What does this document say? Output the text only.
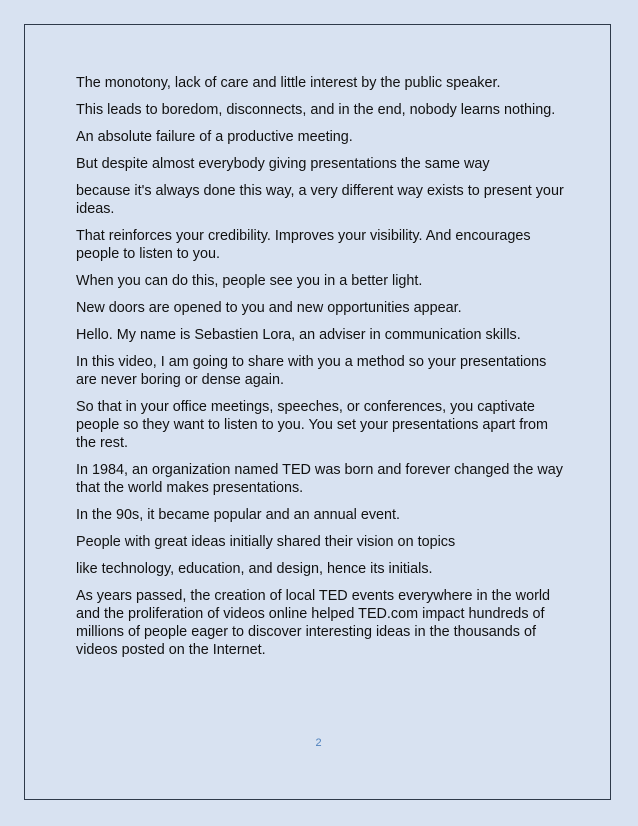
The monotony, lack of care and little interest by the public speaker.

This leads to boredom, disconnects, and in the end, nobody learns nothing.

An absolute failure of a productive meeting.

But despite almost everybody giving presentations the same way

because it's always done this way, a very different way exists to present your ideas.

That reinforces your credibility. Improves your visibility. And encourages people to listen to you.

When you can do this, people see you in a better light.

New doors are opened to you and new opportunities appear.

Hello. My name is Sebastien Lora, an adviser in communication skills.

In this video, I am going to share with you a method so your presentations are never boring or dense again.

So that in your office meetings, speeches, or conferences, you captivate people so they want to listen to you. You set your presentations apart from the rest.

In 1984, an organization named TED was born and forever changed the way that the world makes presentations.

In the 90s, it became popular and an annual event.

People with great ideas initially shared their vision on topics

like technology, education, and design, hence its initials.

As years passed, the creation of local TED events everywhere in the world and the proliferation of videos online helped TED.com impact hundreds of millions of people eager to discover interesting ideas in the thousands of videos posted on the Internet.

2
